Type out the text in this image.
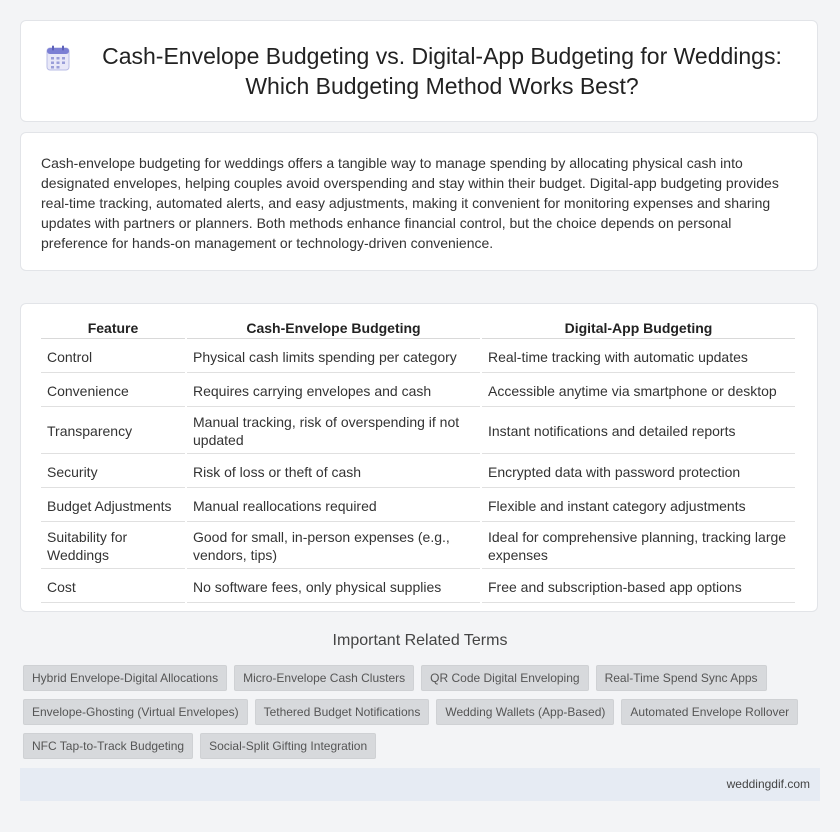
Cash-Envelope Budgeting vs. Digital-App Budgeting for Weddings: Which Budgeting Method Works Best?

Cash-envelope budgeting for weddings offers a tangible way to manage spending by allocating physical cash into designated envelopes, helping couples avoid overspending and stay within their budget. Digital-app budgeting provides real-time tracking, automated alerts, and easy adjustments, making it convenient for monitoring expenses and sharing updates with partners or planners. Both methods enhance financial control, but the choice depends on personal preference for hands-on management or technology-driven convenience.

Feature	Cash-Envelope Budgeting	Digital-App Budgeting
Control	Physical cash limits spending per category	Real-time tracking with automatic updates
Convenience	Requires carrying envelopes and cash	Accessible anytime via smartphone or desktop
Transparency	Manual tracking, risk of overspending if not updated	Instant notifications and detailed reports
Security	Risk of loss or theft of cash	Encrypted data with password protection
Budget Adjustments	Manual reallocations required	Flexible and instant category adjustments
Suitability for Weddings	Good for small, in-person expenses (e.g., vendors, tips)	Ideal for comprehensive planning, tracking large expenses
Cost	No software fees, only physical supplies	Free and subscription-based app options
Important Related Terms
Hybrid Envelope-Digital Allocations	Micro-Envelope Cash Clusters	QR Code Digital Enveloping	Real-Time Spend Sync Apps
Envelope-Ghosting (Virtual Envelopes)	Tethered Budget Notifications	Wedding Wallets (App-Based)	Automated Envelope Rollover
NFC Tap-to-Track Budgeting	Social-Split Gifting Integration
weddingdif.com
